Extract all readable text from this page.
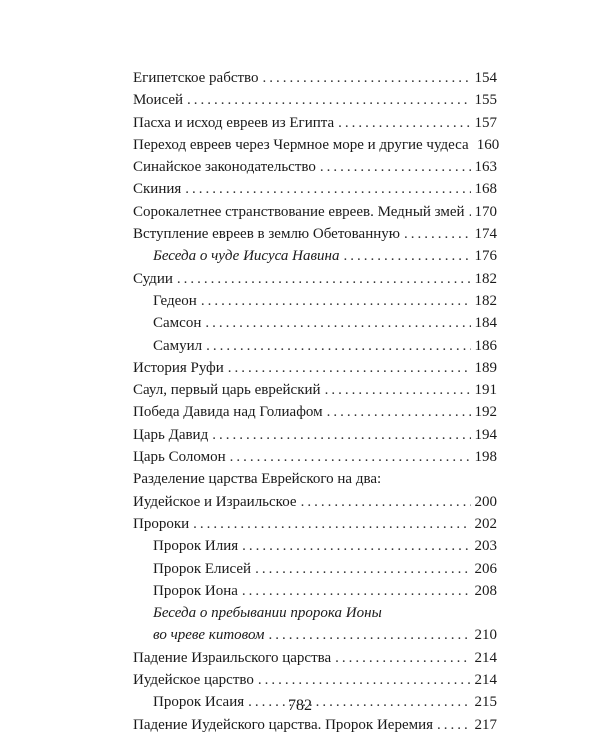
Египетское рабство .....	154
Моисей .....	155
Пасха и исход евреев из Египта .....	157
Переход евреев через Чермное море и другие чудеса 160
Синайское законодательство .....	163
Скиния .....	168
Сорокалетнее странствование евреев. Медный змей ..... 170
Вступление евреев в землю Обетованную .....	174
Беседа о чуде Иисуса Навина .....	176
Судии .....	182
Гедеон .....	182
Самсон .....	184
Самуил .....	186
История Руфи .....	189
Саул, первый царь еврейский .....	191
Победа Давида над Голиафом .....	192
Царь Давид .....	194
Царь Соломон .....	198
Разделение царства Еврейского на два:
Иудейское и Израильское .....	200
Пророки .....	202
Пророк Илия .....	203
Пророк Елисей .....	206
Пророк Иона .....	208
Беседа о пребывании пророка Ионы
во чреве китовом .....	210
Падение Израильского царства .....	214
Иудейское царство .....	214
Пророк Исаия .....	215
Падение Иудейского царства. Пророк Иеремия .....	217
782
